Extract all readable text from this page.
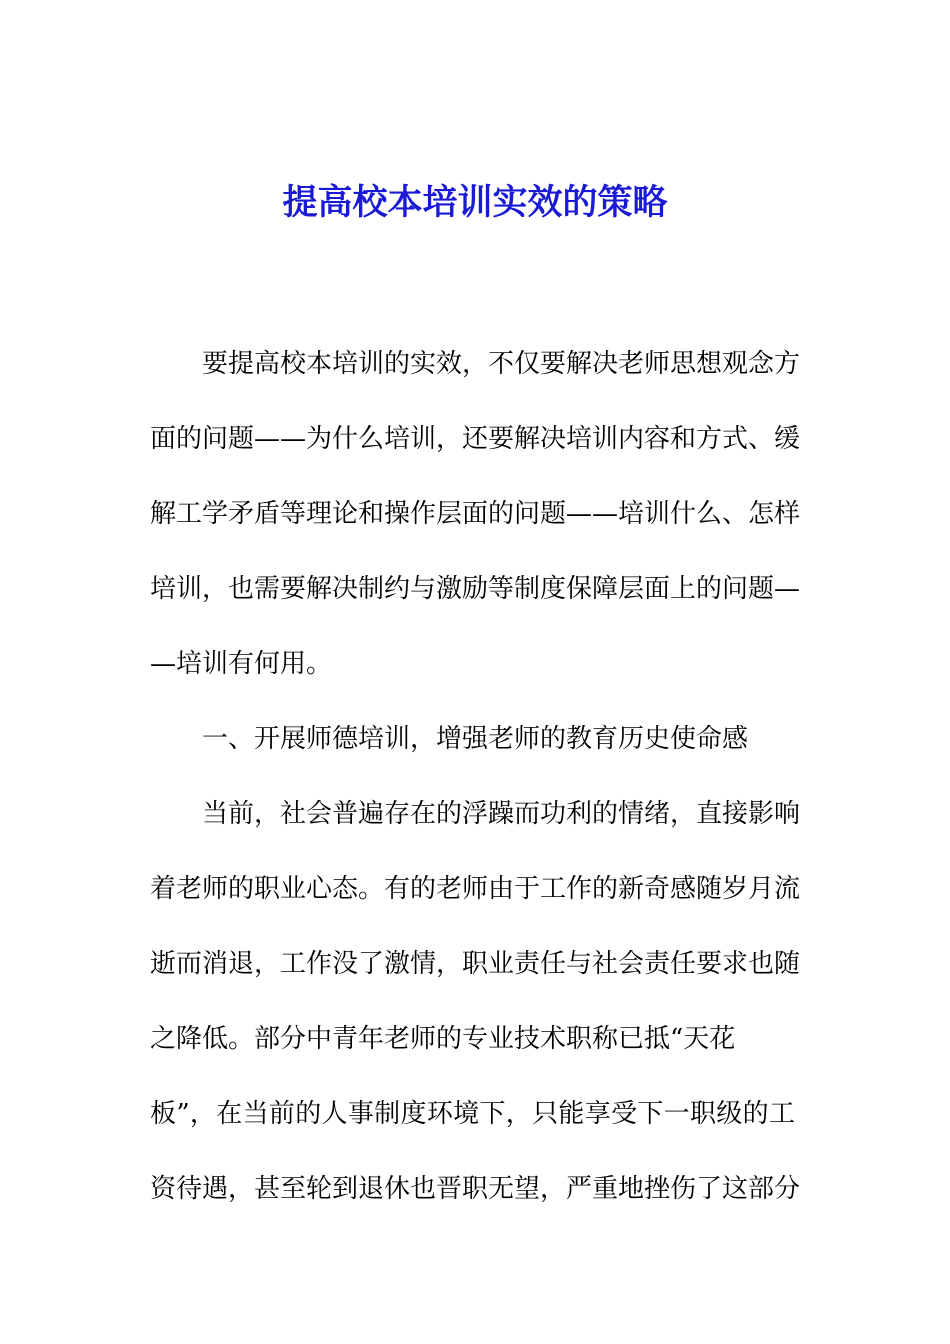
提高校本培训实效的策略
要提高校本培训的实效，不仅要解决老师思想观念方
面的问题——为什么培训，还要解决培训内容和方式、缓
解工学矛盾等理论和操作层面的问题——培训什么、怎样
培训，也需要解决制约与激励等制度保障层面上的问题—
—培训有何用。
一、开展师德培训，增强老师的教育历史使命感
当前，社会普遍存在的浮躁而功利的情绪，直接影响
着老师的职业心态。有的老师由于工作的新奇感随岁月流
逝而消退，工作没了激情，职业责任与社会责任要求也随
之降低。部分中青年老师的专业技术职称已抵“天花
板”，在当前的人事制度环境下，只能享受下一职级的工
资待遇，甚至轮到退休也晋职无望，严重地挫伤了这部分
